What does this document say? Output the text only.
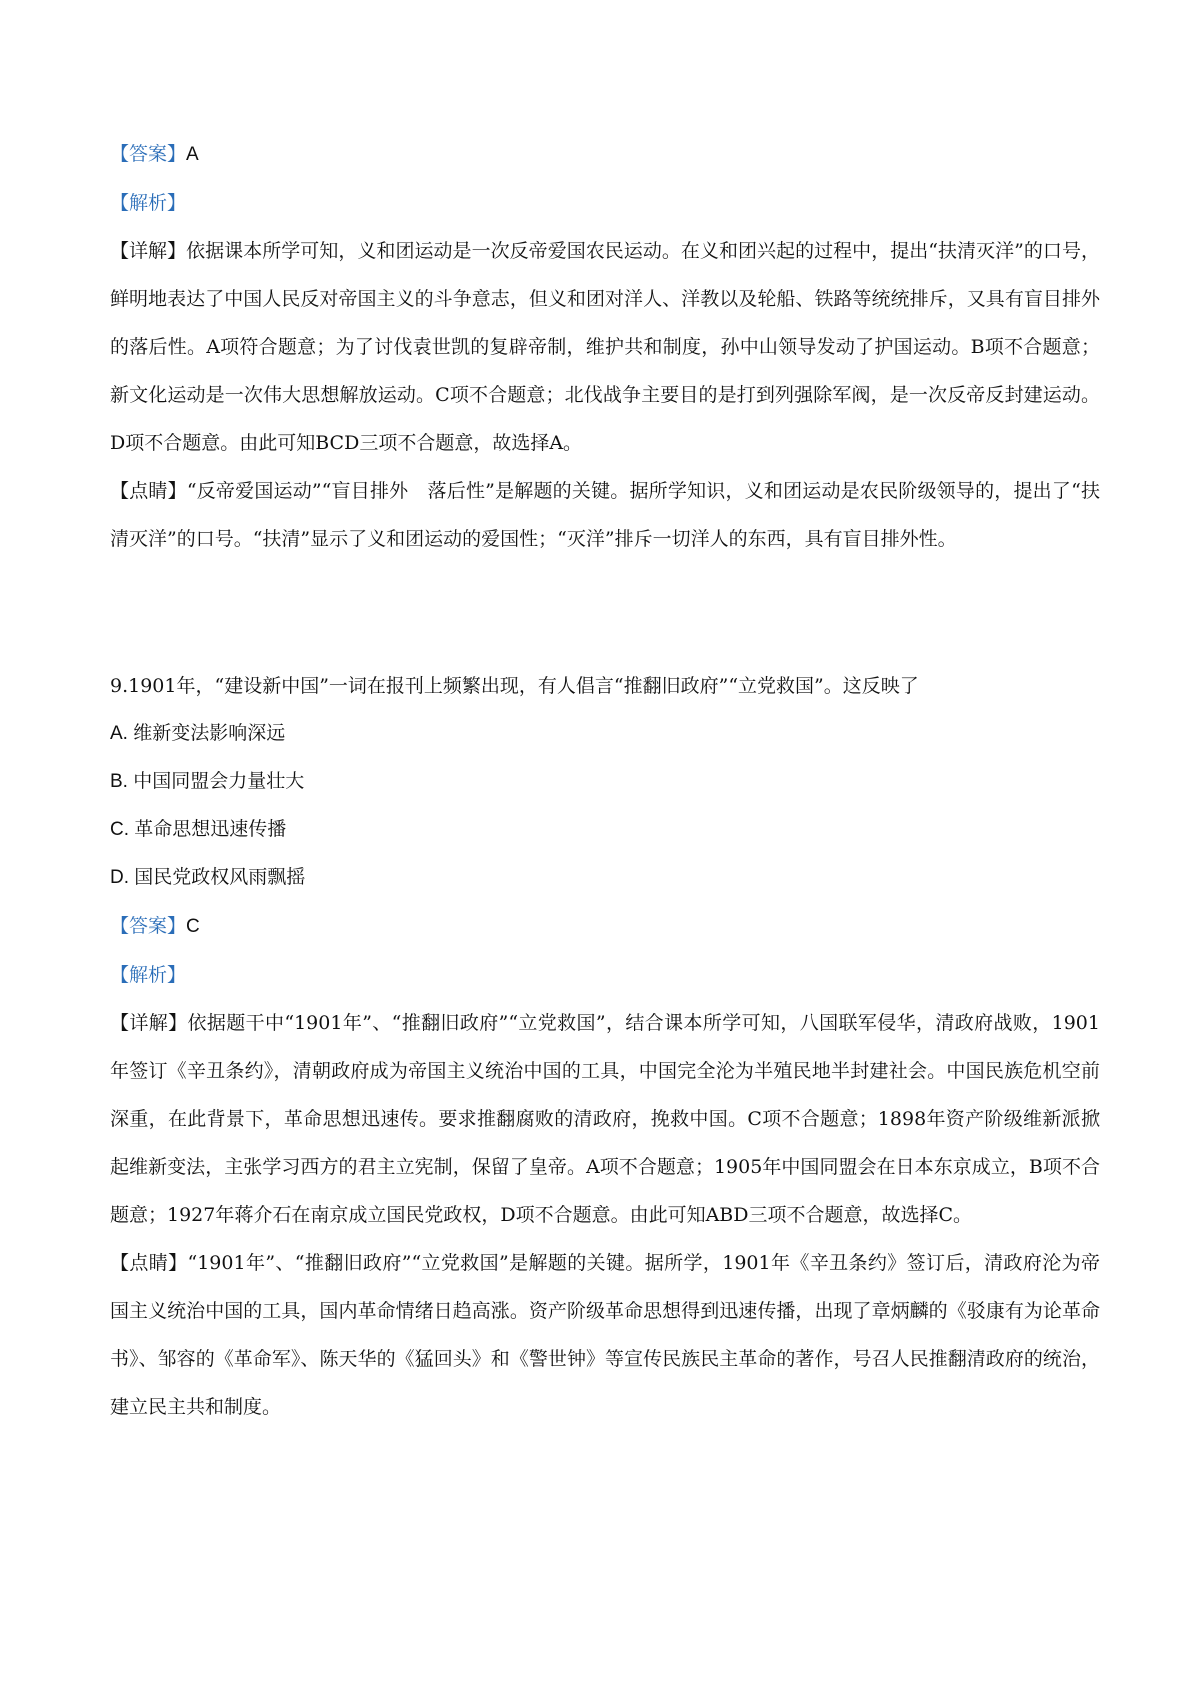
【答案】A

【解析】

【详解】依据课本所学可知，义和团运动是一次反帝爱国农民运动。在义和团兴起的过程中，提出“扶清灭洋”的口号，鲜明地表达了中国人民反对帝国主义的斗争意志，但义和团对洋人、洋教以及轮船、铁路等统统排斥，又具有盲目排外的落后性。A项符合题意；为了讨伐袁世凯的复辟帝制，维护共和制度，孙中山领导发动了护国运动。B项不合题意；新文化运动是一次伟大思想解放运动。C项不合题意；北伐战争主要目的是打到列强除军阀，是一次反帝反封建运动。D项不合题意。由此可知BCD三项不合题意，故选择A。

【点睛】“反帝爱国运动”“盲目排外　落后性”是解题的关键。据所学知识，义和团运动是农民阶级领导的，提出了“扶清灭洋”的口号。“扶清”显示了义和团运动的爱国性；“灭洋”排斥一切洋人的东西，具有盲目排外性。

9.1901年，“建设新中国”一词在报刊上频繁出现，有人倡言“推翻旧政府”“立党救国”。这反映了

A. 维新变法影响深远

B. 中国同盟会力量壮大

C. 革命思想迅速传播

D. 国民党政权风雨飘摇

【答案】C

【解析】

【详解】依据题干中“1901年”、“推翻旧政府”“立党救国”，结合课本所学可知，八国联军侵华，清政府战败，1901年签订《辛丑条约》，清朝政府成为帝国主义统治中国的工具，中国完全沦为半殖民地半封建社会。中国民族危机空前深重，在此背景下，革命思想迅速传。要求推翻腐败的清政府，挽救中国。C项不合题意；1898年资产阶级维新派掀起维新变法，主张学习西方的君主立宪制，保留了皇帝。A项不合题意；1905年中国同盟会在日本东京成立，B项不合题意；1927年蒋介石在南京成立国民党政权，D项不合题意。由此可知ABD三项不合题意，故选择C。

【点睛】“1901年”、“推翻旧政府”“立党救国”是解题的关键。据所学，1901年《辛丑条约》签订后，清政府沦为帝国主义统治中国的工具，国内革命情绪日趋高涨。资产阶级革命思想得到迅速传播，出现了章炳麟的《驳康有为论革命书》、邹容的《革命军》、陈天华的《猛回头》和《警世钟》等宣传民族民主革命的著作，号召人民推翻清政府的统治，建立民主共和制度。
